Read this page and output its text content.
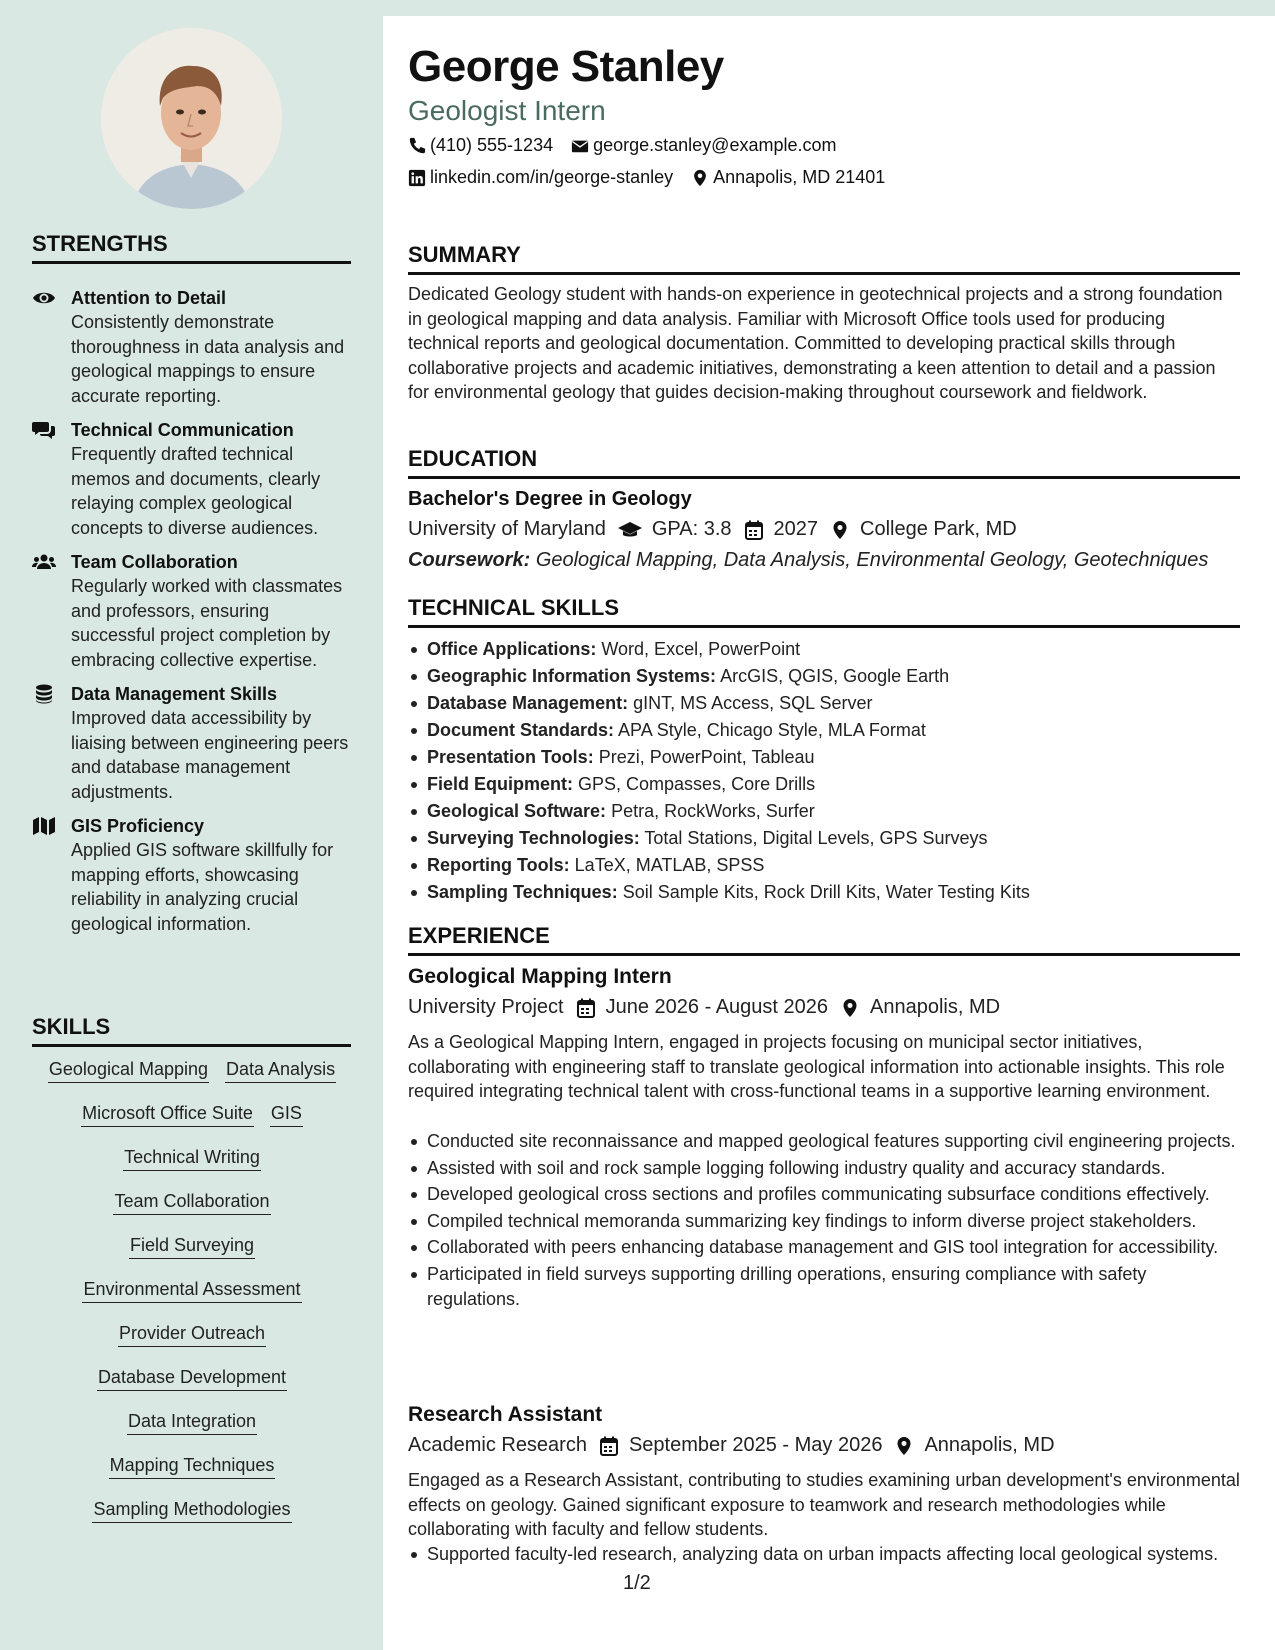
STRENGTHS
Attention to Detail
Consistently demonstrate thoroughness in data analysis and geological mappings to ensure accurate reporting.
Technical Communication
Frequently drafted technical memos and documents, clearly relaying complex geological concepts to diverse audiences.
Team Collaboration
Regularly worked with classmates and professors, ensuring successful project completion by embracing collective expertise.
Data Management Skills
Improved data accessibility by liaising between engineering peers and database management adjustments.
GIS Proficiency
Applied GIS software skillfully for mapping efforts, showcasing reliability in analyzing crucial geological information.
SKILLS
Geological Mapping Data Analysis
Microsoft Office Suite GIS
Technical Writing
Team Collaboration
Field Surveying
Environmental Assessment
Provider Outreach
Database Development
Data Integration
Mapping Techniques
Sampling Methodologies
George Stanley
Geologist Intern
(410) 555-1234 george.stanley@example.com
linkedin.com/in/george-stanley Annapolis, MD 21401
SUMMARY
Dedicated Geology student with hands-on experience in geotechnical projects and a strong foundation in geological mapping and data analysis. Familiar with Microsoft Office tools used for producing technical reports and geological documentation. Committed to developing practical skills through collaborative projects and academic initiatives, demonstrating a keen attention to detail and a passion for environmental geology that guides decision-making throughout coursework and fieldwork.
EDUCATION
Bachelor's Degree in Geology
University of Maryland GPA: 3.8 2027 College Park, MD
Coursework: Geological Mapping, Data Analysis, Environmental Geology, Geotechniques
TECHNICAL SKILLS
Office Applications: Word, Excel, PowerPoint
Geographic Information Systems: ArcGIS, QGIS, Google Earth
Database Management: gINT, MS Access, SQL Server
Document Standards: APA Style, Chicago Style, MLA Format
Presentation Tools: Prezi, PowerPoint, Tableau
Field Equipment: GPS, Compasses, Core Drills
Geological Software: Petra, RockWorks, Surfer
Surveying Technologies: Total Stations, Digital Levels, GPS Surveys
Reporting Tools: LaTeX, MATLAB, SPSS
Sampling Techniques: Soil Sample Kits, Rock Drill Kits, Water Testing Kits
EXPERIENCE
Geological Mapping Intern
University Project June 2026 - August 2026 Annapolis, MD
As a Geological Mapping Intern, engaged in projects focusing on municipal sector initiatives, collaborating with engineering staff to translate geological information into actionable insights. This role required integrating technical talent with cross-functional teams in a supportive learning environment.
Conducted site reconnaissance and mapped geological features supporting civil engineering projects.
Assisted with soil and rock sample logging following industry quality and accuracy standards.
Developed geological cross sections and profiles communicating subsurface conditions effectively.
Compiled technical memoranda summarizing key findings to inform diverse project stakeholders.
Collaborated with peers enhancing database management and GIS tool integration for accessibility.
Participated in field surveys supporting drilling operations, ensuring compliance with safety regulations.
Research Assistant
Academic Research September 2025 - May 2026 Annapolis, MD
Engaged as a Research Assistant, contributing to studies examining urban development's environmental effects on geology. Gained significant exposure to teamwork and research methodologies while collaborating with faculty and fellow students.
Supported faculty-led research, analyzing data on urban impacts affecting local geological systems.
1/2
